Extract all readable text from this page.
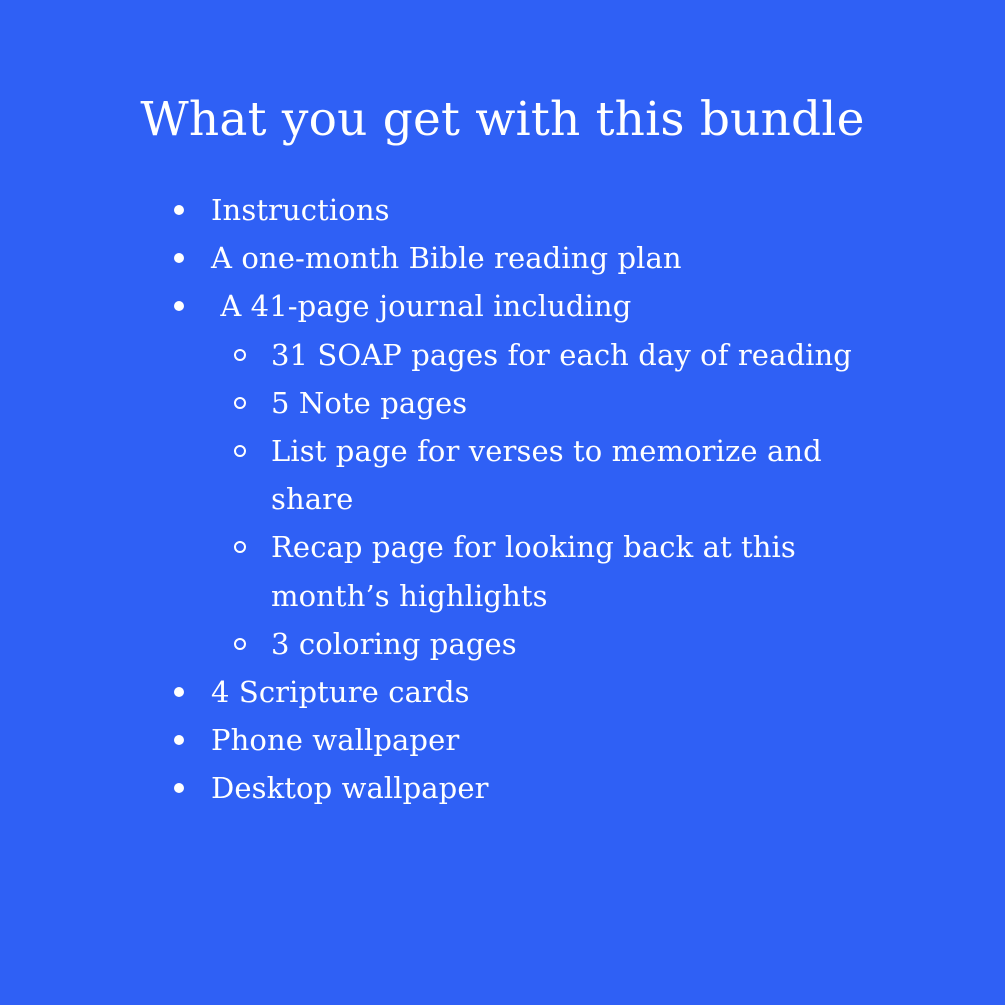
What you get with this bundle
Instructions
A one-month Bible reading plan
A 41-page journal including
31 SOAP pages for each day of reading
5 Note pages
List page for verses to memorize and share
Recap page for looking back at this month’s highlights
3 coloring pages
4 Scripture cards
Phone wallpaper
Desktop wallpaper
